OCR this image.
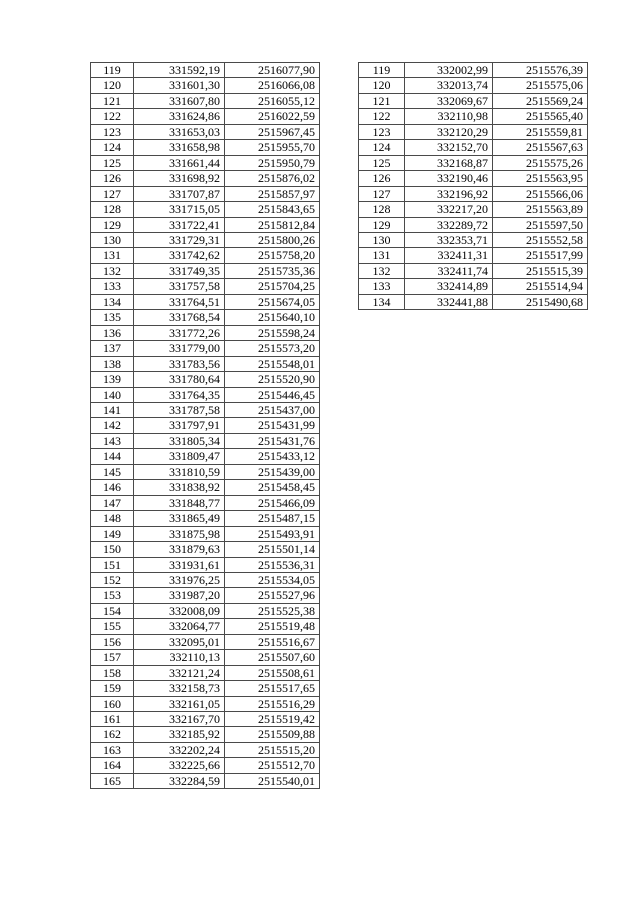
119	331592,19	2516077,90
120	331601,30	2516066,08
121	331607,80	2516055,12
122	331624,86	2516022,59
123	331653,03	2515967,45
124	331658,98	2515955,70
125	331661,44	2515950,79
126	331698,92	2515876,02
127	331707,87	2515857,97
128	331715,05	2515843,65
129	331722,41	2515812,84
130	331729,31	2515800,26
131	331742,62	2515758,20
132	331749,35	2515735,36
133	331757,58	2515704,25
134	331764,51	2515674,05
135	331768,54	2515640,10
136	331772,26	2515598,24
137	331779,00	2515573,20
138	331783,56	2515548,01
139	331780,64	2515520,90
140	331764,35	2515446,45
141	331787,58	2515437,00
142	331797,91	2515431,99
143	331805,34	2515431,76
144	331809,47	2515433,12
145	331810,59	2515439,00
146	331838,92	2515458,45
147	331848,77	2515466,09
148	331865,49	2515487,15
149	331875,98	2515493,91
150	331879,63	2515501,14
151	331931,61	2515536,31
152	331976,25	2515534,05
153	331987,20	2515527,96
154	332008,09	2515525,38
155	332064,77	2515519,48
156	332095,01	2515516,67
157	332110,13	2515507,60
158	332121,24	2515508,61
159	332158,73	2515517,65
160	332161,05	2515516,29
161	332167,70	2515519,42
162	332185,92	2515509,88
163	332202,24	2515515,20
164	332225,66	2515512,70
165	332284,59	2515540,01
119	332002,99	2515576,39
120	332013,74	2515575,06
121	332069,67	2515569,24
122	332110,98	2515565,40
123	332120,29	2515559,81
124	332152,70	2515567,63
125	332168,87	2515575,26
126	332190,46	2515563,95
127	332196,92	2515566,06
128	332217,20	2515563,89
129	332289,72	2515597,50
130	332353,71	2515552,58
131	332411,31	2515517,99
132	332411,74	2515515,39
133	332414,89	2515514,94
134	332441,88	2515490,68
